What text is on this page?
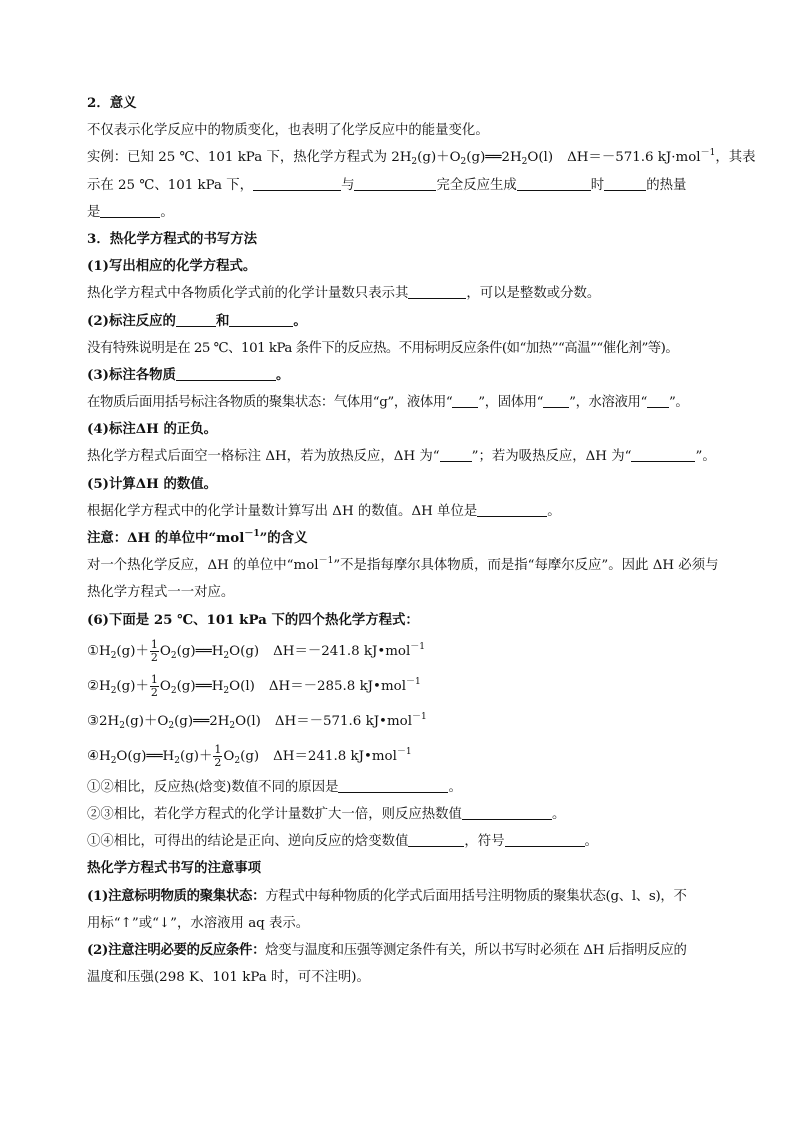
2．意义
不仅表示化学反应中的物质变化，也表明了化学反应中的能量变化。
实例：已知 25 ℃、101 kPa 下，热化学方程式为 $2H_2(g)+O_2(g)══2H_2O(l)$ ΔH＝－571.6 kJ·mol$^{-1}$，其表
示在 25 ℃、101 kPa 下，	与	完全反应生成	时	的热量
是	。
3．热化学方程式的书写方法
(1)写出相应的化学方程式。
热化学方程式中各物质化学式前的化学计量数只表示其	，可以是整数或分数。
(2)标注反应的	和	。
没有特殊说明是在 25 ℃、101 kPa 条件下的反应热。不用标明反应条件(如“加热”“高温”“催化剂”等)。
(3)标注各物质	。
在物质后面用括号标注各物质的聚集状态：气体用“g”，液体用“ ”，固体用“ ”，水溶液用“ ”。
(4)标注ΔH 的正负。
热化学方程式后面空一格标注 ΔH，若为放热反应，ΔH 为“ ”；若为吸热反应，ΔH 为“	”。
(5)计算ΔH 的数值。
根据化学方程式中的化学计量数计算写出 ΔH 的数值。ΔH 单位是	。
注意：ΔH 的单位中“mol$^{-1}$”的含义
对一个热化学反应，ΔH 的单位中“mol$^{-1}$”不是指每摩尔具体物质，而是指“每摩尔反应”。因此 ΔH 必须与
热化学方程式一一对应。
(6)下面是 25 ℃、101 kPa 下的四个热化学方程式：
$①H_2(g)+ \frac{1}{2}$ $O_2(g)══H_2O(g)$ ΔH＝－241.8 kJ•mol$^{-1}$
$②H_2(g)+ \frac{1}{2}$ $O_2(g)══H_2O(l)$ ΔH＝－285.8 kJ•mol$^{-1}$
$③2H_2(g)+O_2(g)══2H_2O(l)$ ΔH＝－571.6 kJ•mol$^{-1}$
$④H_2O(g)══H_2(g)+ \frac{1}{2} O_2(g)$ ΔH＝241.8 kJ•mol$^{-1}$
①②相比，反应热(焓变)数值不同的原因是	。
②③相比，若化学方程式的化学计量数扩大一倍，则反应热数值	。
①④相比，可得出的结论是正向、逆向反应的焓变数值	，符号	。
热化学方程式书写的注意事项
(1)注意标明物质的聚集状态：方程式中每种物质的化学式后面用括号注明物质的聚集状态(g、l、s)，不
用标“↑”或“↓”，水溶液用 aq 表示。
(2)注意注明必要的反应条件：焓变与温度和压强等测定条件有关，所以书写时必须在 ΔH 后指明反应的
温度和压强(298 K、101 kPa 时，可不注明)。
